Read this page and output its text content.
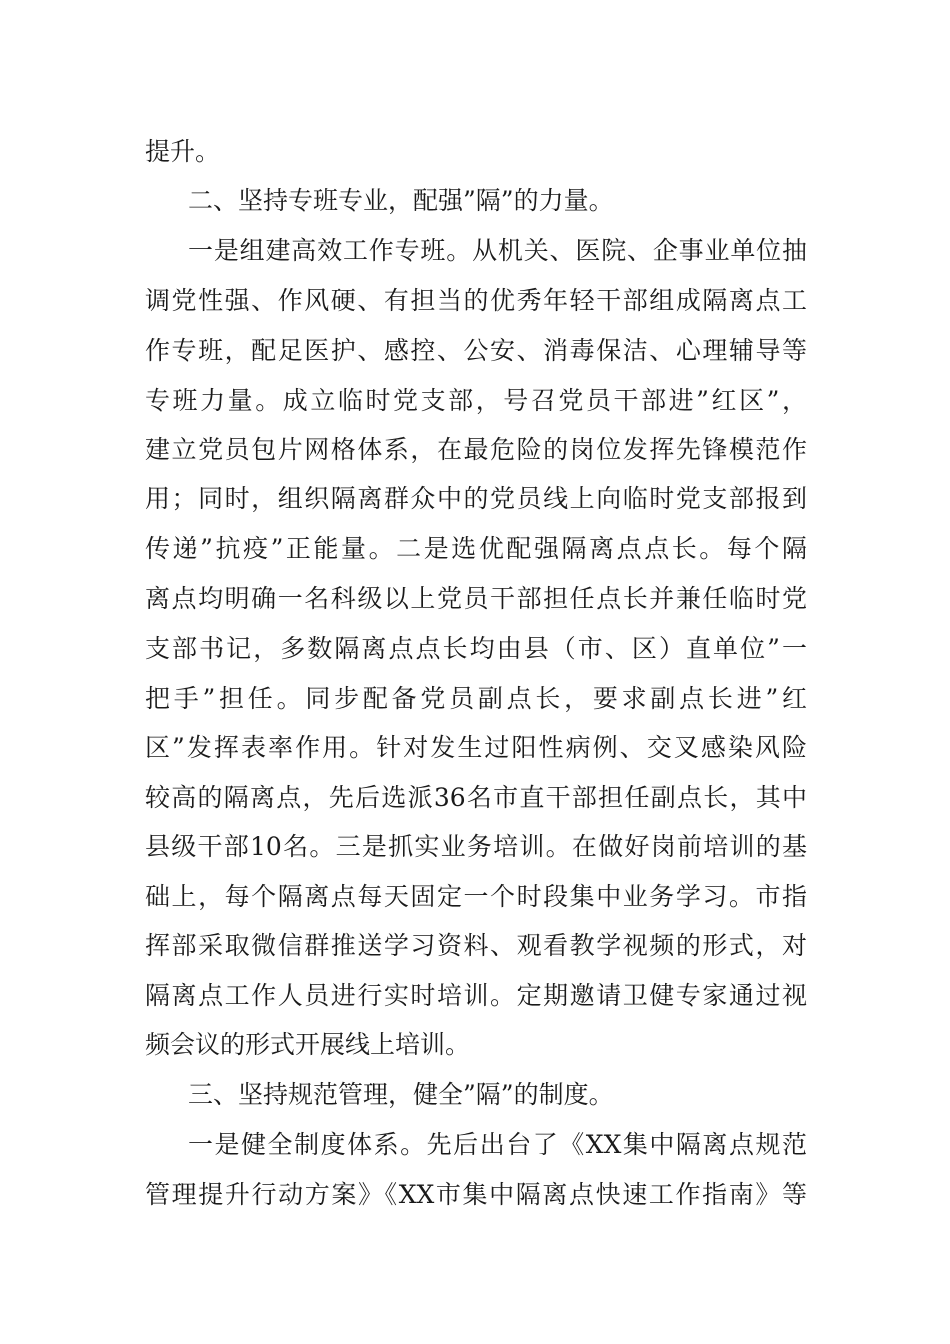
提升。
二、坚持专班专业，配强”隔”的力量。
一是组建高效工作专班。从机关、医院、企事业单位抽
调党性强、作风硬、有担当的优秀年轻干部组成隔离点工
作专班，配足医护、感控、公安、消毒保洁、心理辅导等
专班力量。成立临时党支部，号召党员干部进”红区”，
建立党员包片网格体系，在最危险的岗位发挥先锋模范作
用；同时，组织隔离群众中的党员线上向临时党支部报到
传递”抗疫”正能量。二是选优配强隔离点点长。每个隔
离点均明确一名科级以上党员干部担任点长并兼任临时党
支部书记，多数隔离点点长均由县（市、区）直单位”一
把手”担任。同步配备党员副点长，要求副点长进”红
区”发挥表率作用。针对发生过阳性病例、交叉感染风险
较高的隔离点，先后选派36名市直干部担任副点长，其中
县级干部10名。三是抓实业务培训。在做好岗前培训的基
础上，每个隔离点每天固定一个时段集中业务学习。市指
挥部采取微信群推送学习资料、观看教学视频的形式，对
隔离点工作人员进行实时培训。定期邀请卫健专家通过视
频会议的形式开展线上培训。
三、坚持规范管理，健全”隔”的制度。
一是健全制度体系。先后出台了《XX集中隔离点规范
管理提升行动方案》《XX市集中隔离点快速工作指南》等
